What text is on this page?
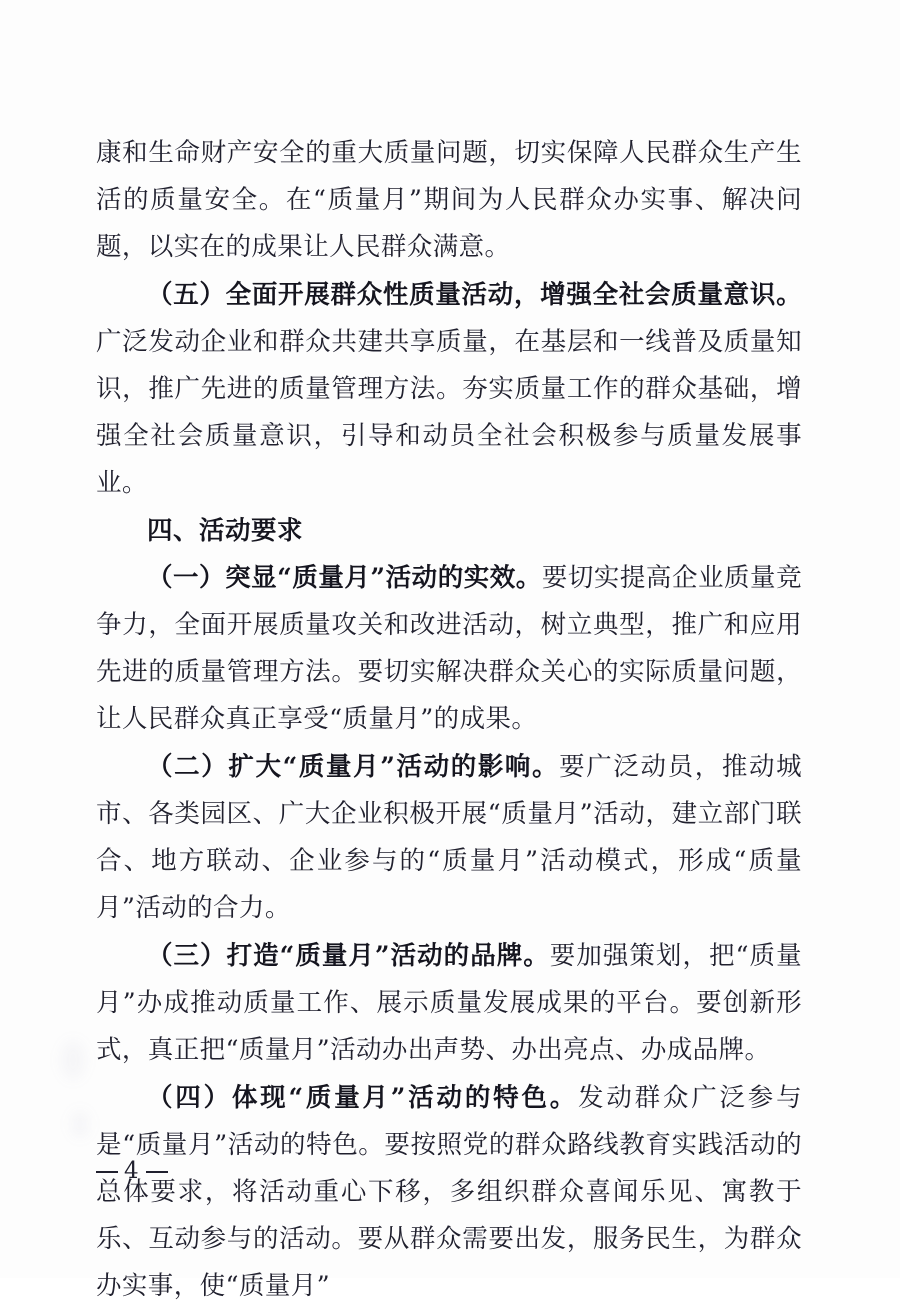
康和生命财产安全的重大质量问题，切实保障人民群众生产生活的质量安全。在“质量月”期间为人民群众办实事、解决问题，以实在的成果让人民群众满意。

（五）全面开展群众性质量活动，增强全社会质量意识。广泛发动企业和群众共建共享质量，在基层和一线普及质量知识，推广先进的质量管理方法。夯实质量工作的群众基础，增强全社会质量意识，引导和动员全社会积极参与质量发展事业。

四、活动要求

（一）突显“质量月”活动的实效。要切实提高企业质量竞争力，全面开展质量攻关和改进活动，树立典型，推广和应用先进的质量管理方法。要切实解决群众关心的实际质量问题，让人民群众真正享受“质量月”的成果。

（二）扩大“质量月”活动的影响。要广泛动员，推动城市、各类园区、广大企业积极开展“质量月”活动，建立部门联合、地方联动、企业参与的“质量月”活动模式，形成“质量月”活动的合力。

（三）打造“质量月”活动的品牌。要加强策划，把“质量月”办成推动质量工作、展示质量发展成果的平台。要创新形式，真正把“质量月”活动办出声势、办出亮点、办成品牌。

（四）体现“质量月”活动的特色。发动群众广泛参与是“质量月”活动的特色。要按照党的群众路线教育实践活动的总体要求，将活动重心下移，多组织群众喜闻乐见、寓教于乐、互动参与的活动。要从群众需要出发，服务民生，为群众办实事，使“质量月”

4
